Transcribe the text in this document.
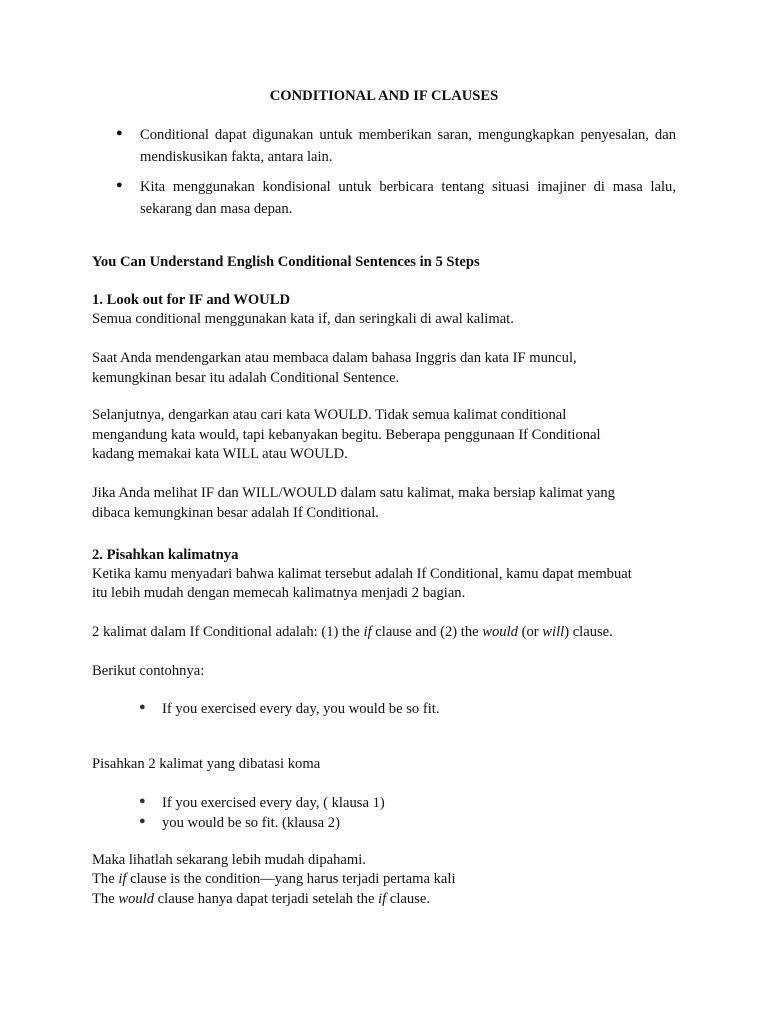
CONDITIONAL AND IF CLAUSES
● Conditional dapat digunakan untuk memberikan saran, mengungkapkan penyesalan, dan mendiskusikan fakta, antara lain.
● Kita menggunakan kondisional untuk berbicara tentang situasi imajiner di masa lalu, sekarang dan masa depan.
You Can Understand English Conditional Sentences in 5 Steps
1. Look out for IF and WOULD
Semua conditional menggunakan kata if, dan seringkali di awal kalimat.
Saat Anda mendengarkan atau membaca dalam bahasa Inggris dan kata IF muncul,
kemungkinan besar itu adalah Conditional Sentence.
Selanjutnya, dengarkan atau cari kata WOULD. Tidak semua kalimat conditional
mengandung kata would, tapi kebanyakan begitu. Beberapa penggunaan If Conditional
kadang memakai kata WILL atau WOULD.
Jika Anda melihat IF dan WILL/WOULD dalam satu kalimat, maka bersiap kalimat yang
dibaca kemungkinan besar adalah If Conditional.
2. Pisahkan kalimatnya
Ketika kamu menyadari bahwa kalimat tersebut adalah If Conditional, kamu dapat membuat
itu lebih mudah dengan memecah kalimatnya menjadi 2 bagian.
2 kalimat dalam If Conditional adalah: (1) the if clause and (2) the would (or will) clause.
Berikut contohnya:
● If you exercised every day, you would be so fit.
Pisahkan 2 kalimat yang dibatasi koma
● If you exercised every day, ( klausa 1)
● you would be so fit. (klausa 2)
Maka lihatlah sekarang lebih mudah dipahami.
The if clause is the condition—yang harus terjadi pertama kali
The would clause hanya dapat terjadi setelah the if clause.
